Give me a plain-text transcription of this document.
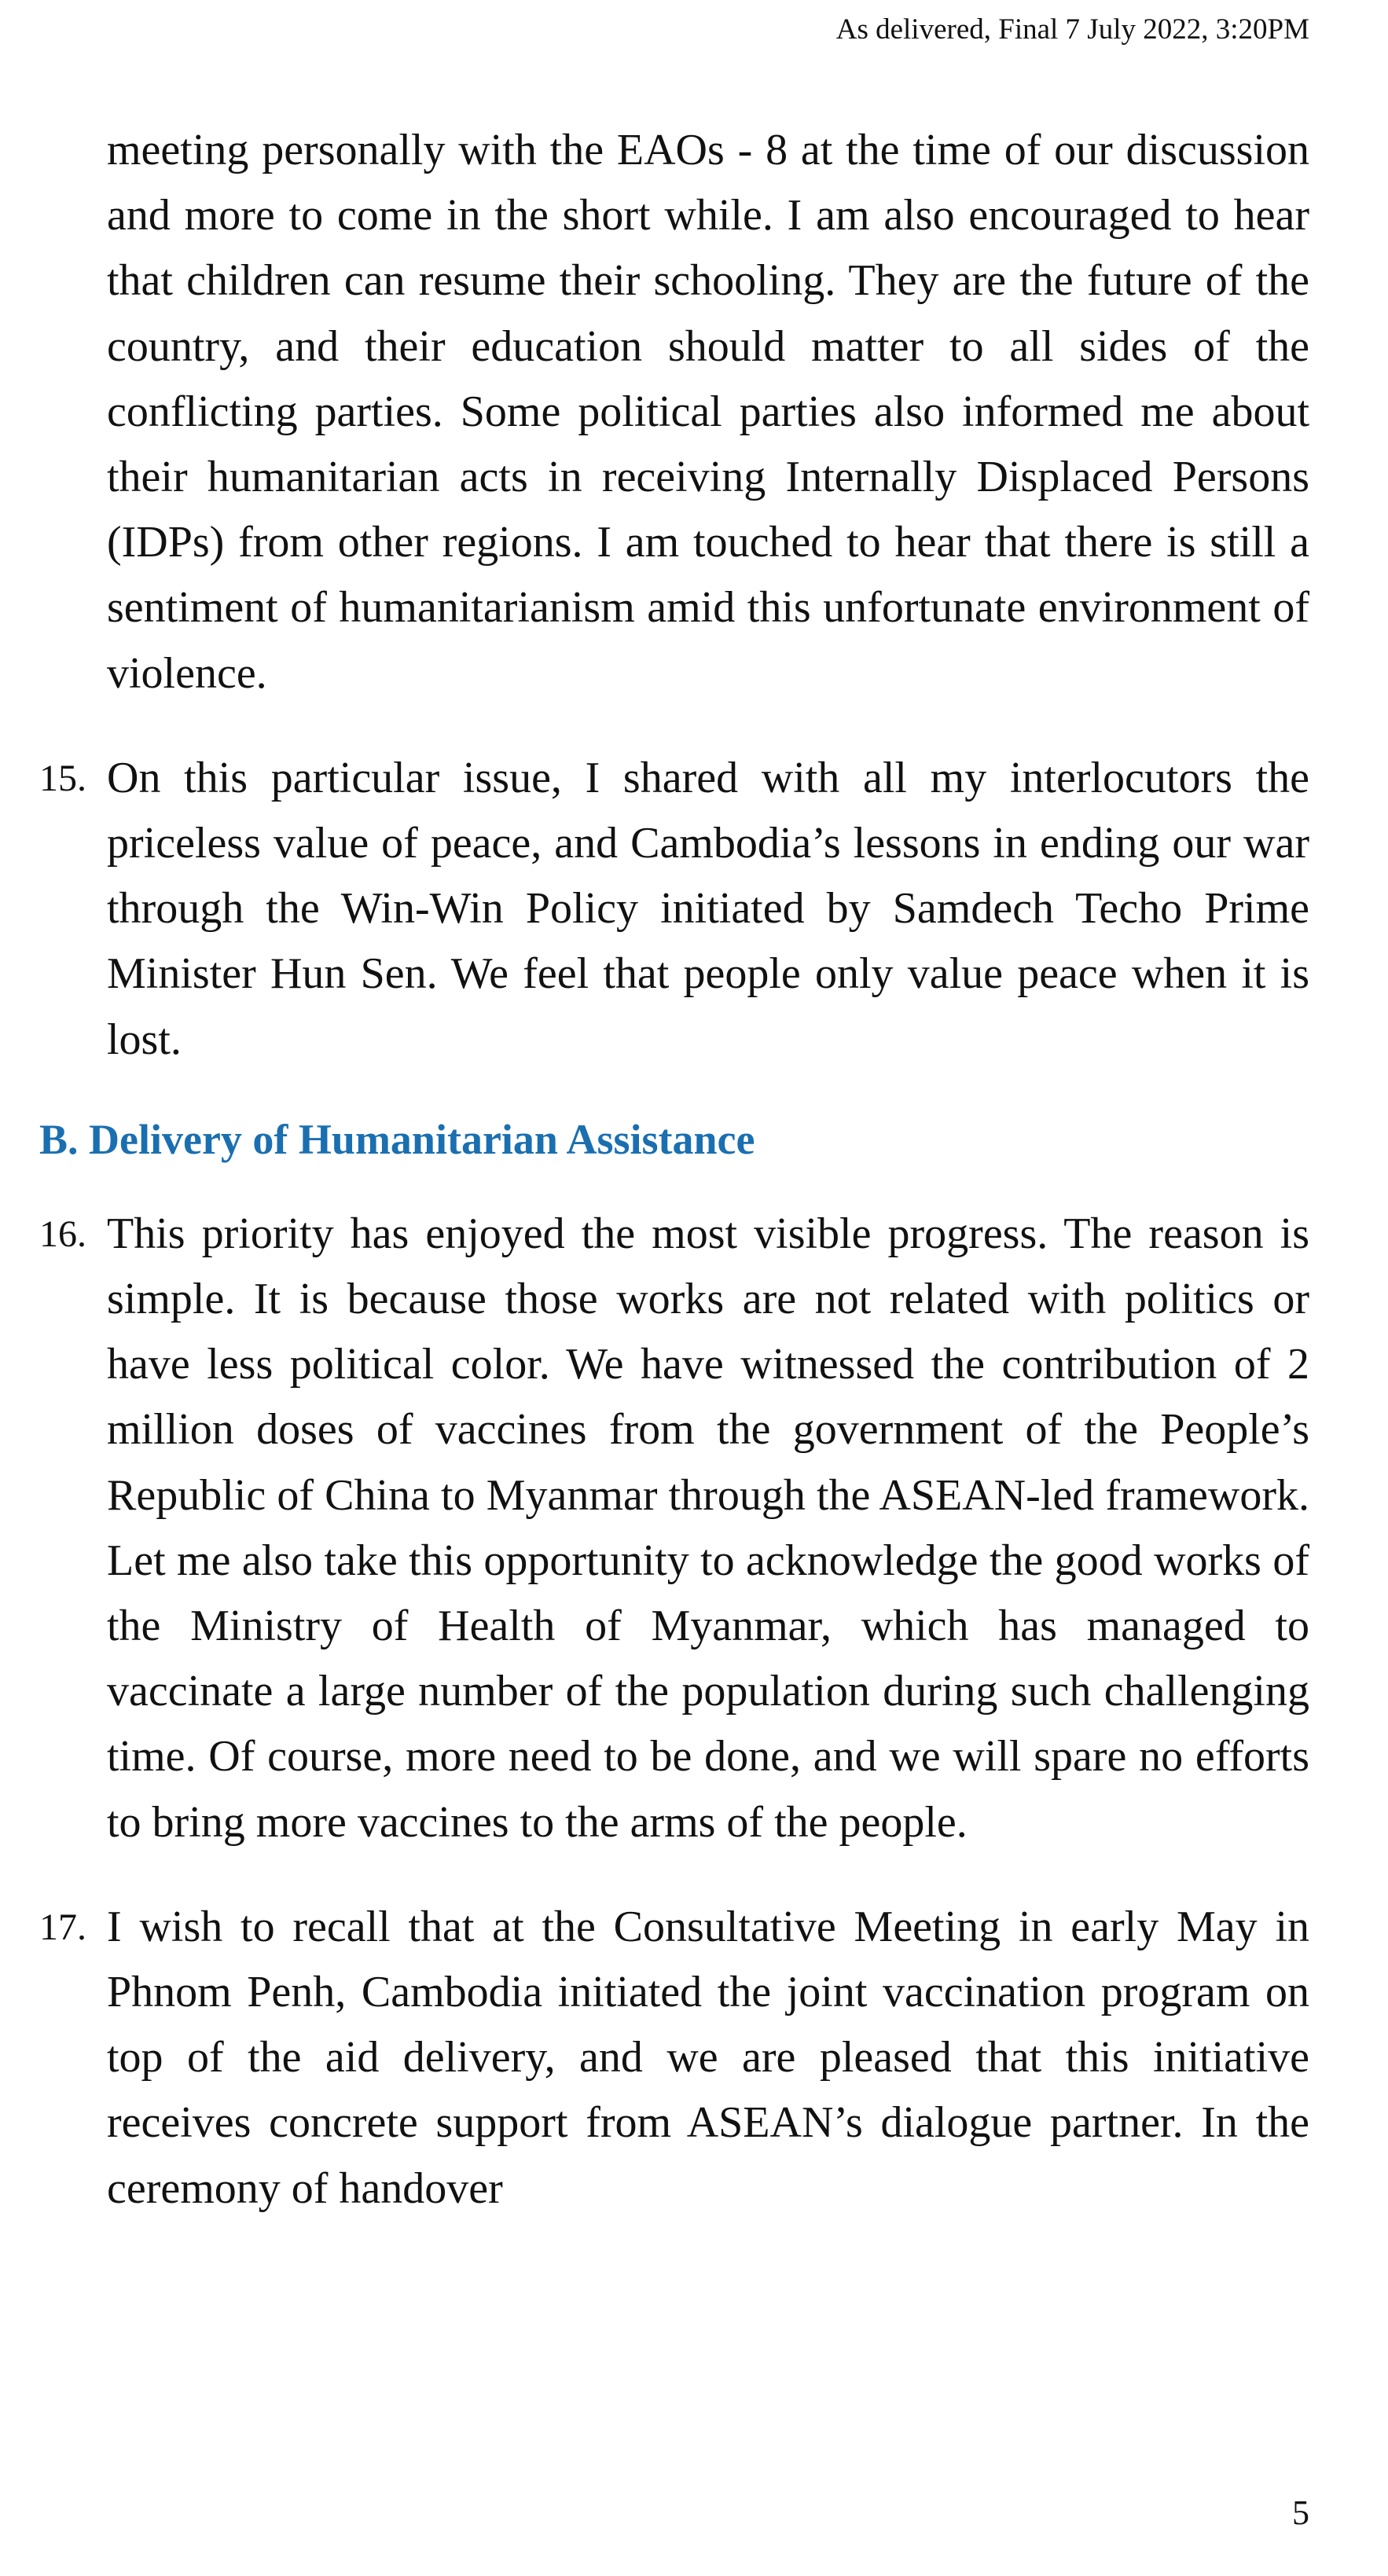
As delivered, Final 7 July 2022, 3:20PM

meeting personally with the EAOs - 8 at the time of our discussion and more to come in the short while. I am also encouraged to hear that children can resume their schooling. They are the future of the country, and their education should matter to all sides of the conflicting parties. Some political parties also informed me about their humanitarian acts in receiving Internally Displaced Persons (IDPs) from other regions. I am touched to hear that there is still a sentiment of humanitarianism amid this unfortunate environment of violence.

15. On this particular issue, I shared with all my interlocutors the priceless value of peace, and Cambodia’s lessons in ending our war through the Win-Win Policy initiated by Samdech Techo Prime Minister Hun Sen. We feel that people only value peace when it is lost.
B. Delivery of Humanitarian Assistance
16. This priority has enjoyed the most visible progress. The reason is simple. It is because those works are not related with politics or have less political color. We have witnessed the contribution of 2 million doses of vaccines from the government of the People’s Republic of China to Myanmar through the ASEAN-led framework. Let me also take this opportunity to acknowledge the good works of the Ministry of Health of Myanmar, which has managed to vaccinate a large number of the population during such challenging time. Of course, more need to be done, and we will spare no efforts to bring more vaccines to the arms of the people.
17. I wish to recall that at the Consultative Meeting in early May in Phnom Penh, Cambodia initiated the joint vaccination program on top of the aid delivery, and we are pleased that this initiative receives concrete support from ASEAN’s dialogue partner. In the ceremony of handover
5
